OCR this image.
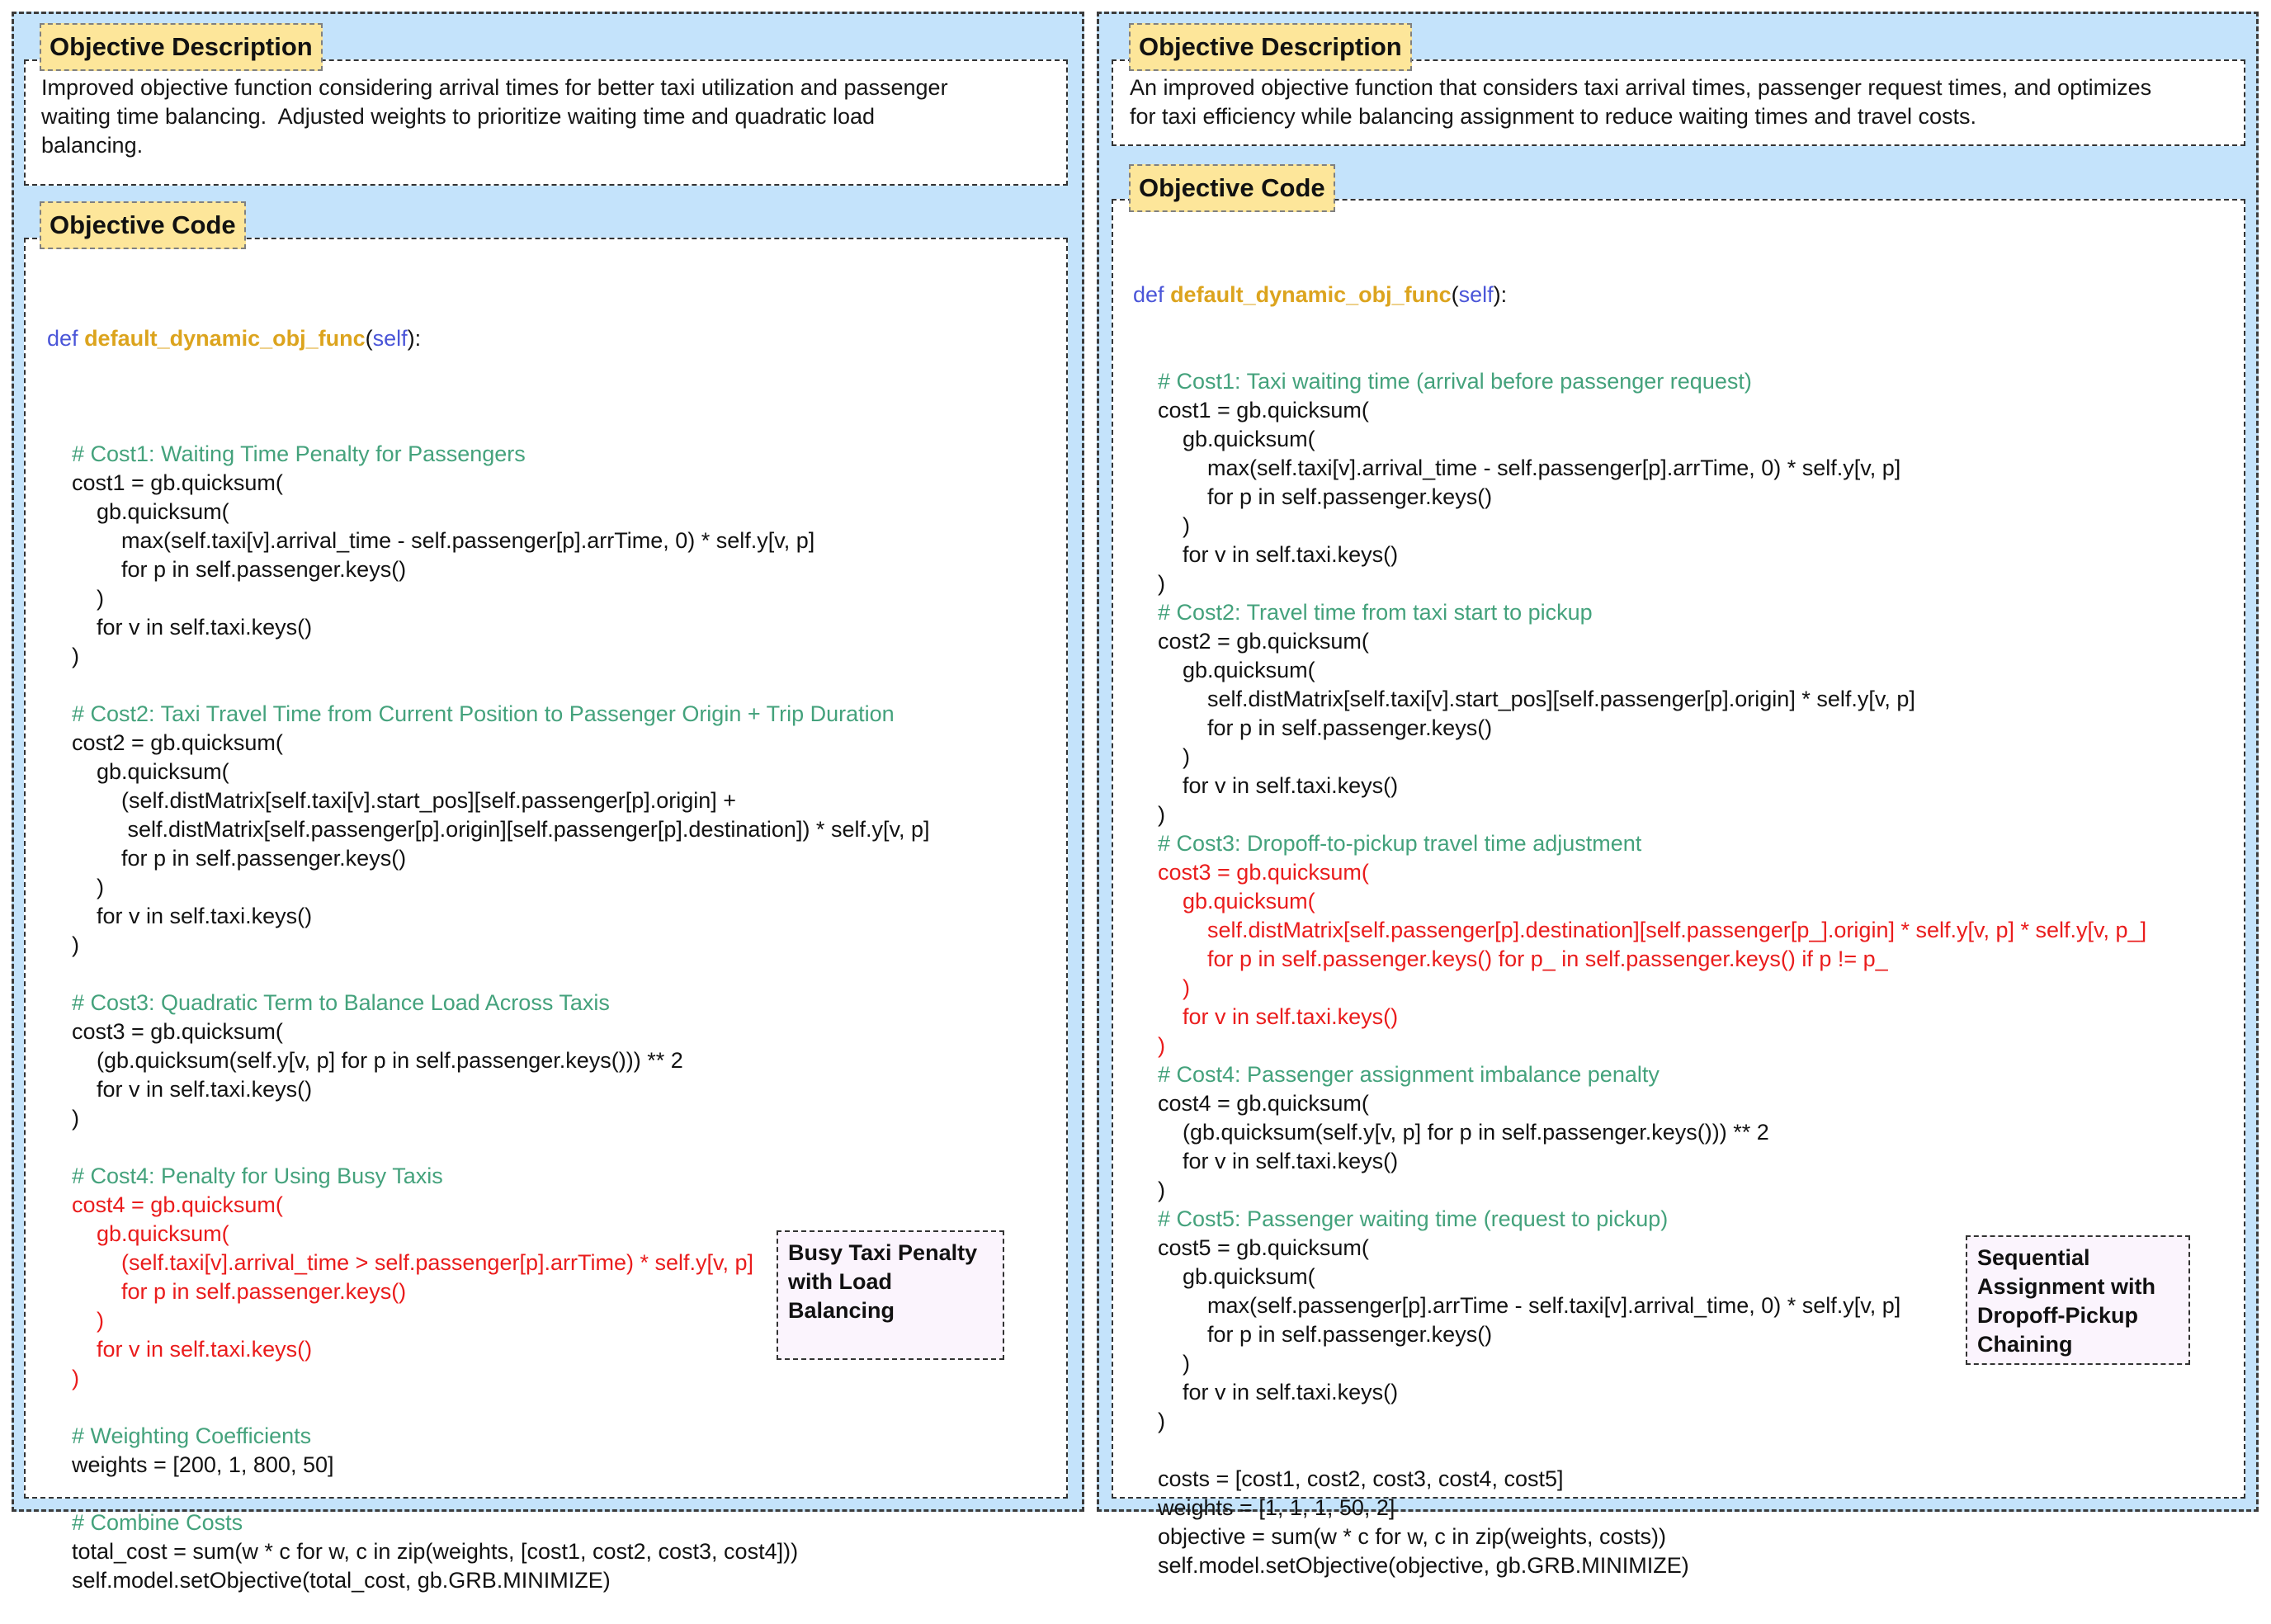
Objective Description
Improved objective function considering arrival times for better taxi utilization and passenger
waiting time balancing.  Adjusted weights to prioritize waiting time and quadratic load
balancing.
Objective Code

def default_dynamic_obj_func(self):

# Cost1: Waiting Time Penalty for Passengers
cost1 = gb.quicksum(
gb.quicksum(
max(self.taxi[v].arrival_time - self.passenger[p].arrTime, 0) * self.y[v, p]
for p in self.passenger.keys()
)
for v in self.taxi.keys()
)
# Cost2: Taxi Travel Time from Current Position to Passenger Origin + Trip Duration
cost2 = gb.quicksum(
gb.quicksum(
(self.distMatrix[self.taxi[v].start_pos][self.passenger[p].origin] +
self.distMatrix[self.passenger[p].origin][self.passenger[p].destination]) * self.y[v, p]
for p in self.passenger.keys()
)
for v in self.taxi.keys()
)
# Cost3: Quadratic Term to Balance Load Across Taxis
cost3 = gb.quicksum(
(gb.quicksum(self.y[v, p] for p in self.passenger.keys())) ** 2
for v in self.taxi.keys()
)
# Cost4: Penalty for Using Busy Taxis
cost4 = gb.quicksum(
gb.quicksum(
(self.taxi[v].arrival_time > self.passenger[p].arrTime) * self.y[v, p]
for p in self.passenger.keys()
)
for v in self.taxi.keys()
)
# Weighting Coefficients
weights = [200, 1, 800, 50]
# Combine Costs
total_cost = sum(w * c for w, c in zip(weights, [cost1, cost2, cost3, cost4]))
self.model.setObjective(total_cost, gb.GRB.MINIMIZE)

Busy Taxi Penalty
with Load
Balancing
Objective Description
An improved objective function that considers taxi arrival times, passenger request times, and optimizes
for taxi efficiency while balancing assignment to reduce waiting times and travel costs.
Objective Code

def default_dynamic_obj_func(self):

# Cost1: Taxi waiting time (arrival before passenger request)
cost1 = gb.quicksum(
gb.quicksum(
max(self.taxi[v].arrival_time - self.passenger[p].arrTime, 0) * self.y[v, p]
for p in self.passenger.keys()
)
for v in self.taxi.keys()
)
# Cost2: Travel time from taxi start to pickup
cost2 = gb.quicksum(
gb.quicksum(
self.distMatrix[self.taxi[v].start_pos][self.passenger[p].origin] * self.y[v, p]
for p in self.passenger.keys()
)
for v in self.taxi.keys()
)
# Cost3: Dropoff-to-pickup travel time adjustment
cost3 = gb.quicksum(
gb.quicksum(
self.distMatrix[self.passenger[p].destination][self.passenger[p_].origin] * self.y[v, p] * self.y[v, p_]
for p in self.passenger.keys() for p_ in self.passenger.keys() if p != p_
)
for v in self.taxi.keys()
)
# Cost4: Passenger assignment imbalance penalty
cost4 = gb.quicksum(
(gb.quicksum(self.y[v, p] for p in self.passenger.keys())) ** 2
for v in self.taxi.keys()
)
# Cost5: Passenger waiting time (request to pickup)
cost5 = gb.quicksum(
gb.quicksum(
max(self.passenger[p].arrTime - self.taxi[v].arrival_time, 0) * self.y[v, p]
for p in self.passenger.keys()
)
for v in self.taxi.keys()
)
costs = [cost1, cost2, cost3, cost4, cost5]
weights = [1, 1, 1, 50, 2]
objective = sum(w * c for w, c in zip(weights, costs))
self.model.setObjective(objective, gb.GRB.MINIMIZE)

Sequential
Assignment with
Dropoff-Pickup
Chaining
